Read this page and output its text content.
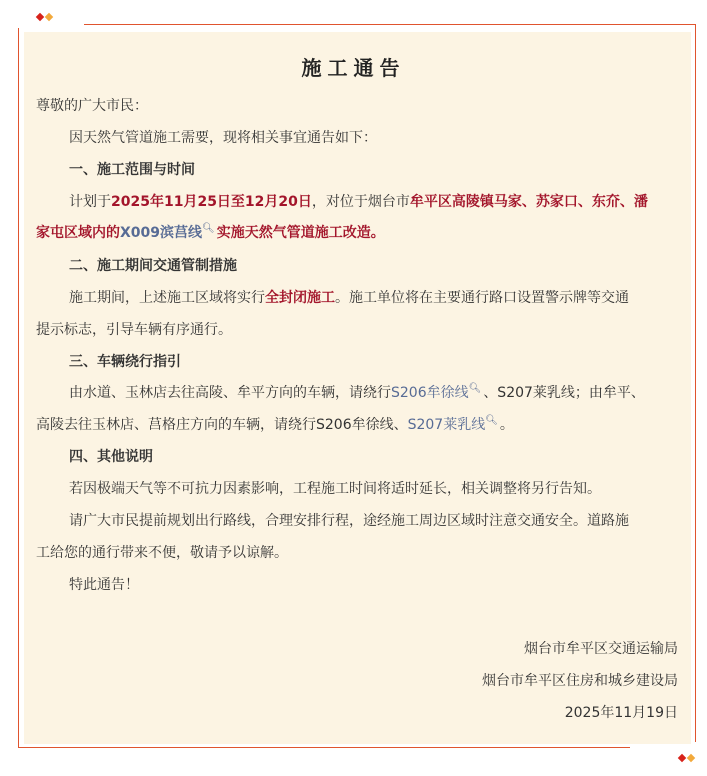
施工通告
尊敬的广大市民：
因天然气管道施工需要，现将相关事宜通告如下：
一、施工范围与时间
计划于2025年11月25日至12月20日，对位于烟台市牟平区高陵镇马家、苏家口、东夼、潘
家屯区域内的X009滨莒线🔍︎ 实施天然气管道施工改造。
二、施工期间交通管制措施
施工期间，上述施工区域将实行全封闭施工。施工单位将在主要通行路口设置警示牌等交通
提示标志，引导车辆有序通行。
三、车辆绕行指引
由水道、玉林店去往高陵、牟平方向的车辆，请绕行S206牟徐线🔍︎ 、S207莱乳线；由牟平、
高陵去往玉林店、莒格庄方向的车辆，请绕行S206牟徐线、S207莱乳线🔍︎ 。
四、其他说明
若因极端天气等不可抗力因素影响，工程施工时间将适时延长，相关调整将另行告知。
请广大市民提前规划出行路线，合理安排行程，途经施工周边区域时注意交通安全。道路施
工给您的通行带来不便，敬请予以谅解。
特此通告！
烟台市牟平区交通运输局
烟台市牟平区住房和城乡建设局
2025年11月19日
